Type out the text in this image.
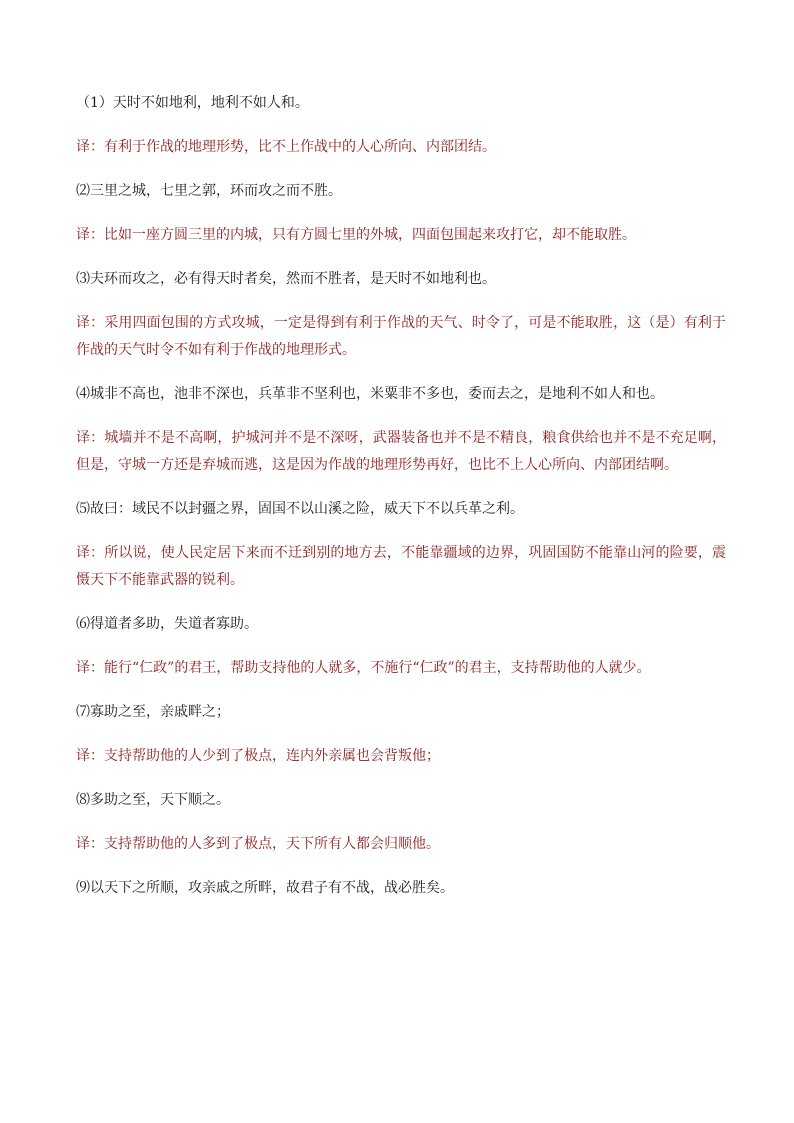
（1）天时不如地利，地利不如人和。

译：有利于作战的地理形势，比不上作战中的人心所向、内部团结。

⑵三里之城，七里之郭，环而攻之而不胜。

译：比如一座方圆三里的内城，只有方圆七里的外城，四面包围起来攻打它，却不能取胜。

⑶夫环而攻之，必有得天时者矣，然而不胜者，是天时不如地利也。

译：采用四面包围的方式攻城，一定是得到有利于作战的天气、时令了，可是不能取胜，这（是）有利于作战的天气时令不如有利于作战的地理形式。

⑷城非不高也，池非不深也，兵革非不坚利也，米粟非不多也，委而去之，是地利不如人和也。

译：城墙并不是不高啊，护城河并不是不深呀，武器装备也并不是不精良，粮食供给也并不是不充足啊，但是，守城一方还是弃城而逃，这是因为作战的地理形势再好，也比不上人心所向、内部团结啊。

⑸故曰：域民不以封疆之界，固国不以山溪之险，威天下不以兵革之利。

译：所以说，使人民定居下来而不迁到别的地方去，不能靠疆域的边界，巩固国防不能靠山河的险要，震慑天下不能靠武器的锐利。

⑹得道者多助，失道者寡助。

译：能行“仁政”的君王，帮助支持他的人就多，不施行“仁政”的君主，支持帮助他的人就少。

⑺寡助之至，亲戚畔之；

译：支持帮助他的人少到了极点，连内外亲属也会背叛他；

⑻多助之至，天下顺之。

译：支持帮助他的人多到了极点，天下所有人都会归顺他。

⑼以天下之所顺，攻亲戚之所畔，故君子有不战，战必胜矣。
